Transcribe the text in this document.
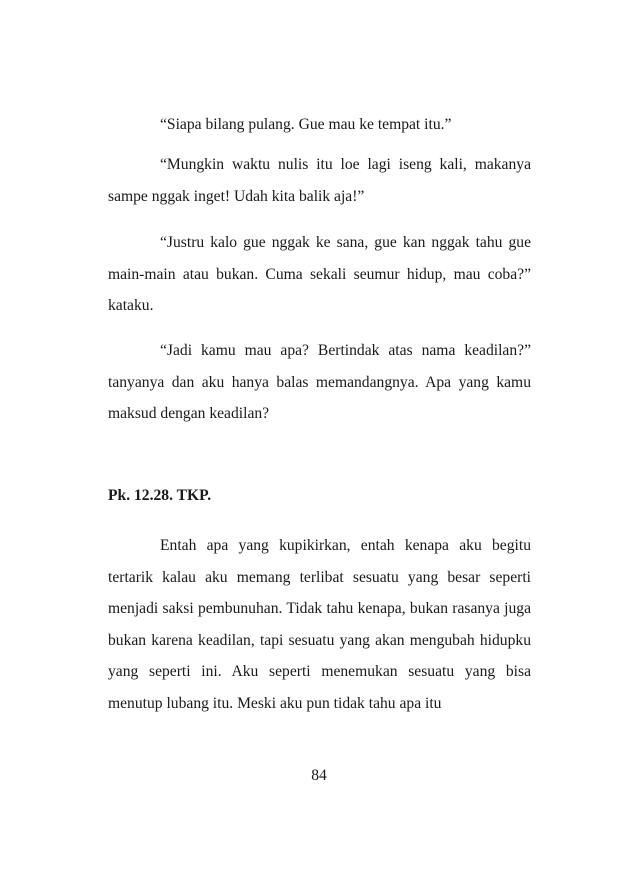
“Siapa bilang pulang. Gue mau ke tempat itu.”

“Mungkin waktu nulis itu loe lagi iseng kali, makanya sampe nggak inget! Udah kita balik aja!”

“Justru kalo gue nggak ke sana, gue kan nggak tahu gue main-main atau bukan. Cuma sekali seumur hidup, mau coba?” kataku.

“Jadi kamu mau apa? Bertindak atas nama keadilan?” tanyanya dan aku hanya balas memandangnya. Apa yang kamu maksud dengan keadilan?

Pk. 12.28. TKP.

Entah apa yang kupikirkan, entah kenapa aku begitu tertarik kalau aku memang terlibat sesuatu yang besar seperti menjadi saksi pembunuhan. Tidak tahu kenapa, bukan rasanya juga bukan karena keadilan, tapi sesuatu yang akan mengubah hidupku yang seperti ini. Aku seperti menemukan sesuatu yang bisa menutup lubang itu. Meski aku pun tidak tahu apa itu

84
